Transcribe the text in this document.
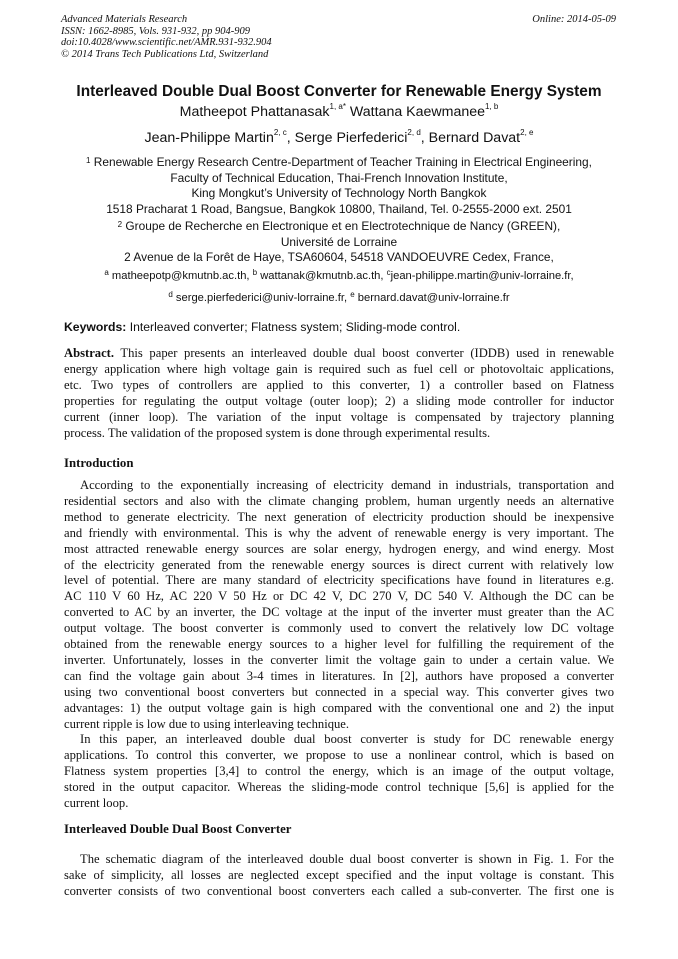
Advanced Materials Research
ISSN: 1662-8985, Vols. 931-932, pp 904-909
doi:10.4028/www.scientific.net/AMR.931-932.904
© 2014 Trans Tech Publications Ltd, Switzerland
Online: 2014-05-09
Interleaved Double Dual Boost Converter for Renewable Energy System
Matheepot Phattanasak$^{1, a*}$ Wattana Kaewmanee$^{1, b}$
Jean-Philippe Martin$^{2, c}$, Serge Pierfederici$^{2, d}$, Bernard Davat$^{2, e}$
$^1$ Renewable Energy Research Centre-Department of Teacher Training in Electrical Engineering,
Faculty of Technical Education, Thai-French Innovation Institute,
King Mongkut’s University of Technology North Bangkok
1518 Pracharat 1 Road, Bangsue, Bangkok 10800, Thailand, Tel. 0-2555-2000 ext. 2501
$^2$ Groupe de Recherche en Electronique et en Electrotechnique de Nancy (GREEN),
Université de Lorraine
2 Avenue de la Forêt de Haye, TSA60604, 54518 VANDOEUVRE Cedex, France,
$^a$ matheepotp@kmutnb.ac.th, $^b$ wattanak@kmutnb.ac.th, $^c$jean-philippe.martin@univ-lorraine.fr,
$^d$ serge.pierfederici@univ-lorraine.fr, $^e$ bernard.davat@univ-lorraine.fr
Keywords: Interleaved converter; Flatness system; Sliding-mode control.
Abstract. This paper presents an interleaved double dual boost converter (IDDB) used in renewable
energy application where high voltage gain is required such as fuel cell or photovoltaic applications,
etc. Two types of controllers are applied to this converter, 1) a controller based on Flatness
properties for regulating the output voltage (outer loop); 2) a sliding mode controller for inductor
current (inner loop). The variation of the input voltage is compensated by trajectory planning
process. The validation of the proposed system is done through experimental results.
Introduction
According to the exponentially increasing of electricity demand in industrials, transportation and
residential sectors and also with the climate changing problem, human urgently needs an alternative
method to generate electricity. The next generation of electricity production should be inexpensive
and friendly with environmental. This is why the advent of renewable energy is very important. The
most attracted renewable energy sources are solar energy, hydrogen energy, and wind energy. Most
of the electricity generated from the renewable energy sources is direct current with relatively low
level of potential. There are many standard of electricity specifications have found in literatures e.g.
AC 110 V 60 Hz, AC 220 V 50 Hz or DC 42 V, DC 270 V, DC 540 V. Although the DC can be
converted to AC by an inverter, the DC voltage at the input of the inverter must greater than the AC
output voltage. The boost converter is commonly used to convert the relatively low DC voltage
obtained from the renewable energy sources to a higher level for fulfilling the requirement of the
inverter. Unfortunately, losses in the converter limit the voltage gain to under a certain value. We
can find the voltage gain about 3-4 times in literatures. In [2], authors have proposed a converter
using two conventional boost converters but connected in a special way. This converter gives two
advantages: 1) the output voltage gain is high compared with the conventional one and 2) the input
current ripple is low due to using interleaving technique.
In this paper, an interleaved double dual boost converter is study for DC renewable energy
applications. To control this converter, we propose to use a nonlinear control, which is based on
Flatness system properties [3,4] to control the energy, which is an image of the output voltage,
stored in the output capacitor. Whereas the sliding-mode control technique [5,6] is applied for the
current loop.
Interleaved Double Dual Boost Converter
The schematic diagram of the interleaved double dual boost converter is shown in Fig. 1. For the
sake of simplicity, all losses are neglected except specified and the input voltage is constant. This
converter consists of two conventional boost converters each called a sub-converter. The first one is
